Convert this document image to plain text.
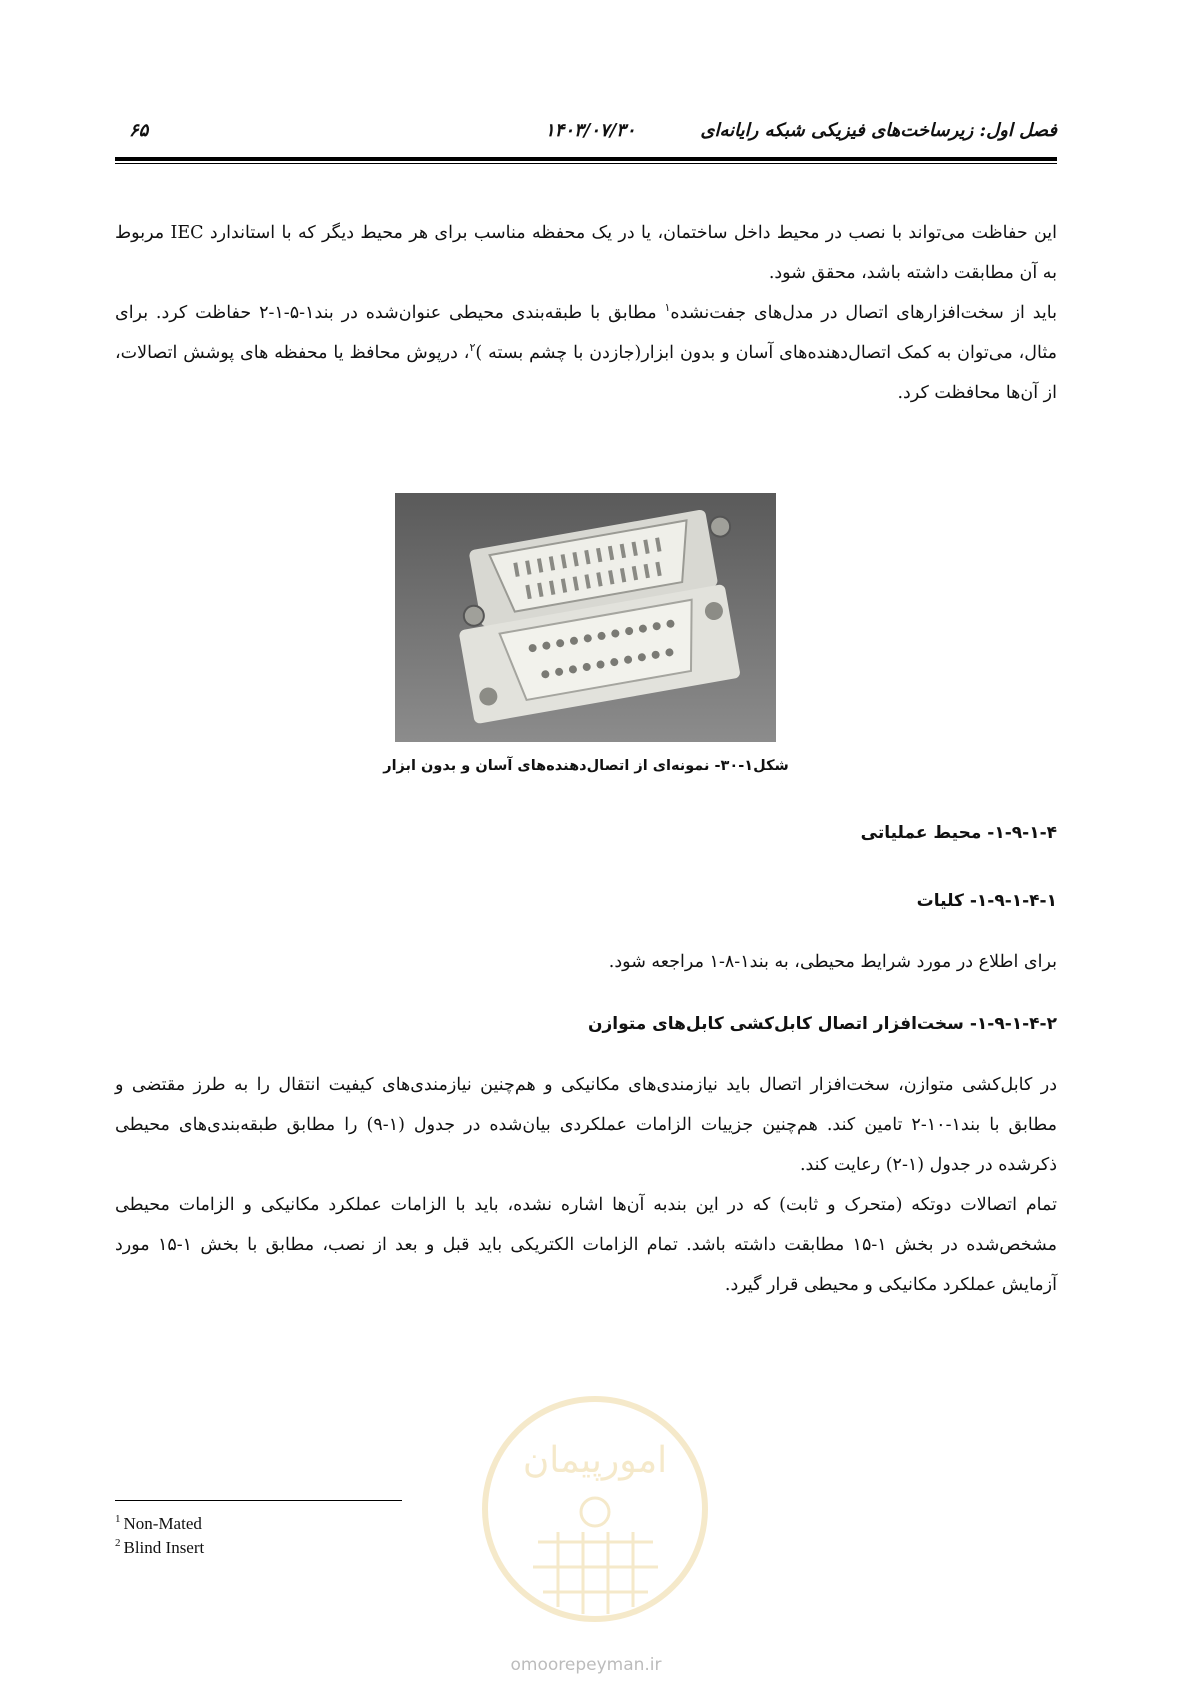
فصل اول: زیرساخت‌های فیزیکی شبکه رایانه‌ای
۱۴۰۳/۰۷/۳۰
۶۵
این حفاظت می‌تواند با نصب در محیط داخل ساختمان، یا در یک محفظه مناسب برای هر محیط دیگر که با استاندارد IEC مربوط به آن مطابقت داشته باشد، محقق شود.
باید از سخت‌افزارهای اتصال در مدل‌های جفت‌نشده$^۱$ مطابق با طبقه‌بندی محیطی عنوان‌شده در بند۱-۵-۱-۲ حفاظت کرد. برای مثال، می‌توان به کمک اتصال‌دهنده‌های آسان و بدون ابزار(جازدن با چشم بسته )$^۲$، درپوش محافظ یا محفظه های پوشش اتصالات، از آن‌ها محافظت کرد.
شکل۱-۳۰- نمونه‌ای از اتصال‌دهنده‌های آسان و بدون ابزار
۱-۹-۱-۴- محیط عملیاتی
۱-۹-۱-۴-۱- کلیات
برای اطلاع در مورد شرایط محیطی، به بند۱-۸-۱ مراجعه شود.
۱-۹-۱-۴-۲- سخت‌افزار اتصال کابل‌کشی کابل‌های متوازن
در کابل‌کشی متوازن، سخت‌افزار اتصال باید نیازمندی‌های مکانیکی و هم‌چنین نیازمندی‌های کیفیت انتقال را به طرز مقتضی و مطابق با بند۱-۱۰-۲ تامین کند. هم‌چنین جزییات الزامات عملکردی بیان‌شده در جدول (۱-۹) را مطابق طبقه‌بندی‌های محیطی ذکرشده در جدول (۱-۲) رعایت کند.
تمام اتصالات دوتکه (متحرک و ثابت) که در این بندبه آن‌ها اشاره نشده، باید با الزامات عملکرد مکانیکی و الزامات محیطی مشخص‌شده در بخش ۱-۱۵ مطابقت داشته باشد. تمام الزامات الکتریکی باید قبل و بعد از نصب، مطابق با بخش ۱-۱۵ مورد آزمایش عملکرد مکانیکی و محیطی قرار گیرد.
امورپیمان
omoorepeyman.ir
$^1$ Non-Mated
$^2$ Blind Insert
